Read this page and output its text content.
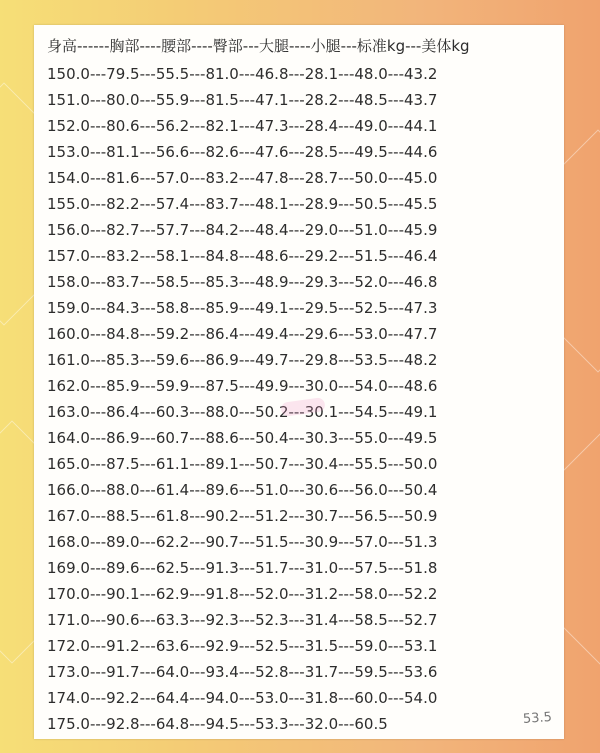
身高------胸部----腰部----臀部---大腿----小腿---标准kg---美体kg

150.0---79.5---55.5---81.0---46.8---28.1---48.0---43.2

151.0---80.0---55.9---81.5---47.1---28.2---48.5---43.7

152.0---80.6---56.2---82.1---47.3---28.4---49.0---44.1

153.0---81.1---56.6---82.6---47.6---28.5---49.5---44.6

154.0---81.6---57.0---83.2---47.8---28.7---50.0---45.0

155.0---82.2---57.4---83.7---48.1---28.9---50.5---45.5

156.0---82.7---57.7---84.2---48.4---29.0---51.0---45.9

157.0---83.2---58.1---84.8---48.6---29.2---51.5---46.4

158.0---83.7---58.5---85.3---48.9---29.3---52.0---46.8

159.0---84.3---58.8---85.9---49.1---29.5---52.5---47.3

160.0---84.8---59.2---86.4---49.4---29.6---53.0---47.7

161.0---85.3---59.6---86.9---49.7---29.8---53.5---48.2

162.0---85.9---59.9---87.5---49.9---30.0---54.0---48.6

163.0---86.4---60.3---88.0---50.2---30.1---54.5---49.1

164.0---86.9---60.7---88.6---50.4---30.3---55.0---49.5

165.0---87.5---61.1---89.1---50.7---30.4---55.5---50.0

166.0---88.0---61.4---89.6---51.0---30.6---56.0---50.4

167.0---88.5---61.8---90.2---51.2---30.7---56.5---50.9

168.0---89.0---62.2---90.7---51.5---30.9---57.0---51.3

169.0---89.6---62.5---91.3---51.7---31.0---57.5---51.8

170.0---90.1---62.9---91.8---52.0---31.2---58.0---52.2

171.0---90.6---63.3---92.3---52.3---31.4---58.5---52.7

172.0---91.2---63.6---92.9---52.5---31.5---59.0---53.1

173.0---91.7---64.0---93.4---52.8---31.7---59.5---53.6

174.0---92.2---64.4---94.0---53.0---31.8---60.0---54.0

175.0---92.8---64.8---94.5---53.3---32.0---60.5	53.5
